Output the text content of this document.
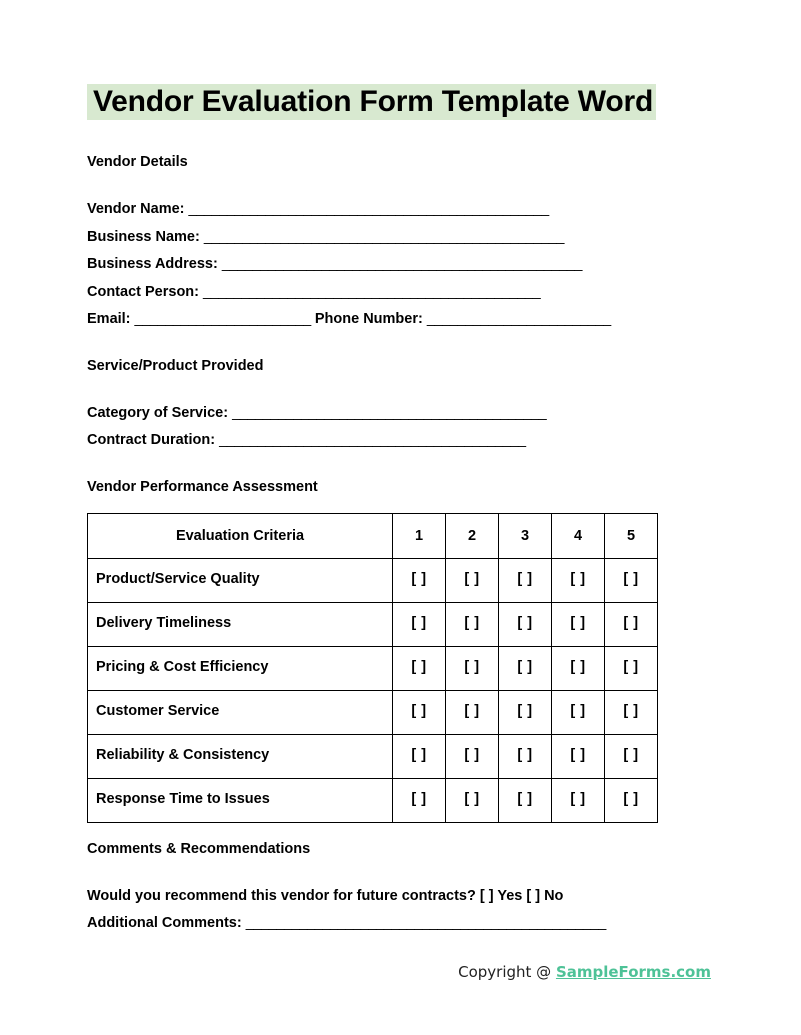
Vendor Evaluation Form Template Word
Vendor Details
Vendor Name: _______________________________________________
Business Name: _______________________________________________
Business Address: _______________________________________________
Contact Person: ____________________________________________
Email: _______________________ Phone Number: ________________________
Service/Product Provided
Category of Service: _________________________________________
Contract Duration: ________________________________________
Vendor Performance Assessment
Evaluation Criteria	1	2	3	4	5
Product/Service Quality	[ ]	[ ]	[ ]	[ ]	[ ]
Delivery Timeliness	[ ]	[ ]	[ ]	[ ]	[ ]
Pricing & Cost Efficiency	[ ]	[ ]	[ ]	[ ]	[ ]
Customer Service	[ ]	[ ]	[ ]	[ ]	[ ]
Reliability & Consistency	[ ]	[ ]	[ ]	[ ]	[ ]
Response Time to Issues	[ ]	[ ]	[ ]	[ ]	[ ]
Comments & Recommendations
Would you recommend this vendor for future contracts? [ ] Yes [ ] No
Additional Comments: _______________________________________________
Copyright @ SampleForms.com
